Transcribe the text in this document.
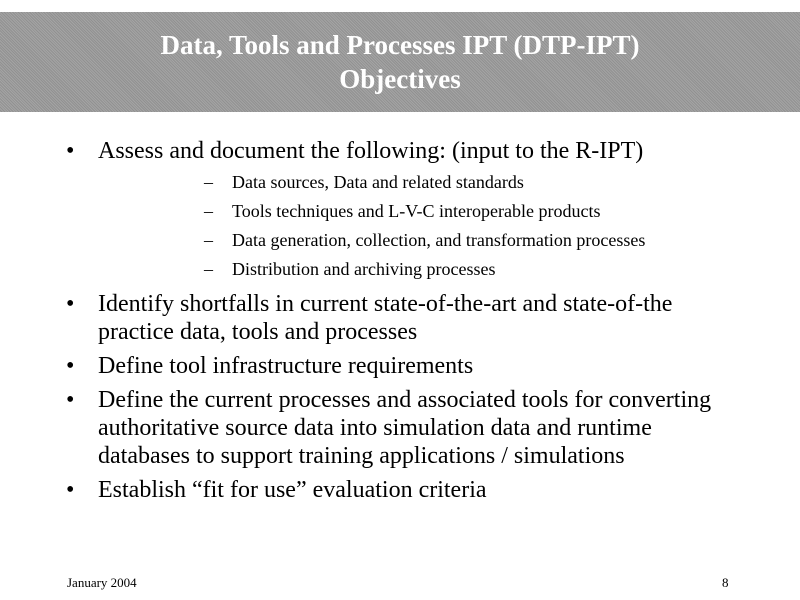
Data, Tools and Processes IPT (DTP-IPT)
Objectives
• Assess and document the following: (input to the R-IPT)
– Data sources, Data and related standards
– Tools techniques and L-V-C interoperable products
– Data generation, collection, and transformation processes
– Distribution and archiving processes
• Identify shortfalls in current state-of-the-art and state-of-the practice data, tools and processes
• Define tool infrastructure requirements
• Define the current processes and associated tools for converting authoritative source data into simulation data and runtime databases to support training applications / simulations
• Establish “fit for use” evaluation criteria
January 2004	8
